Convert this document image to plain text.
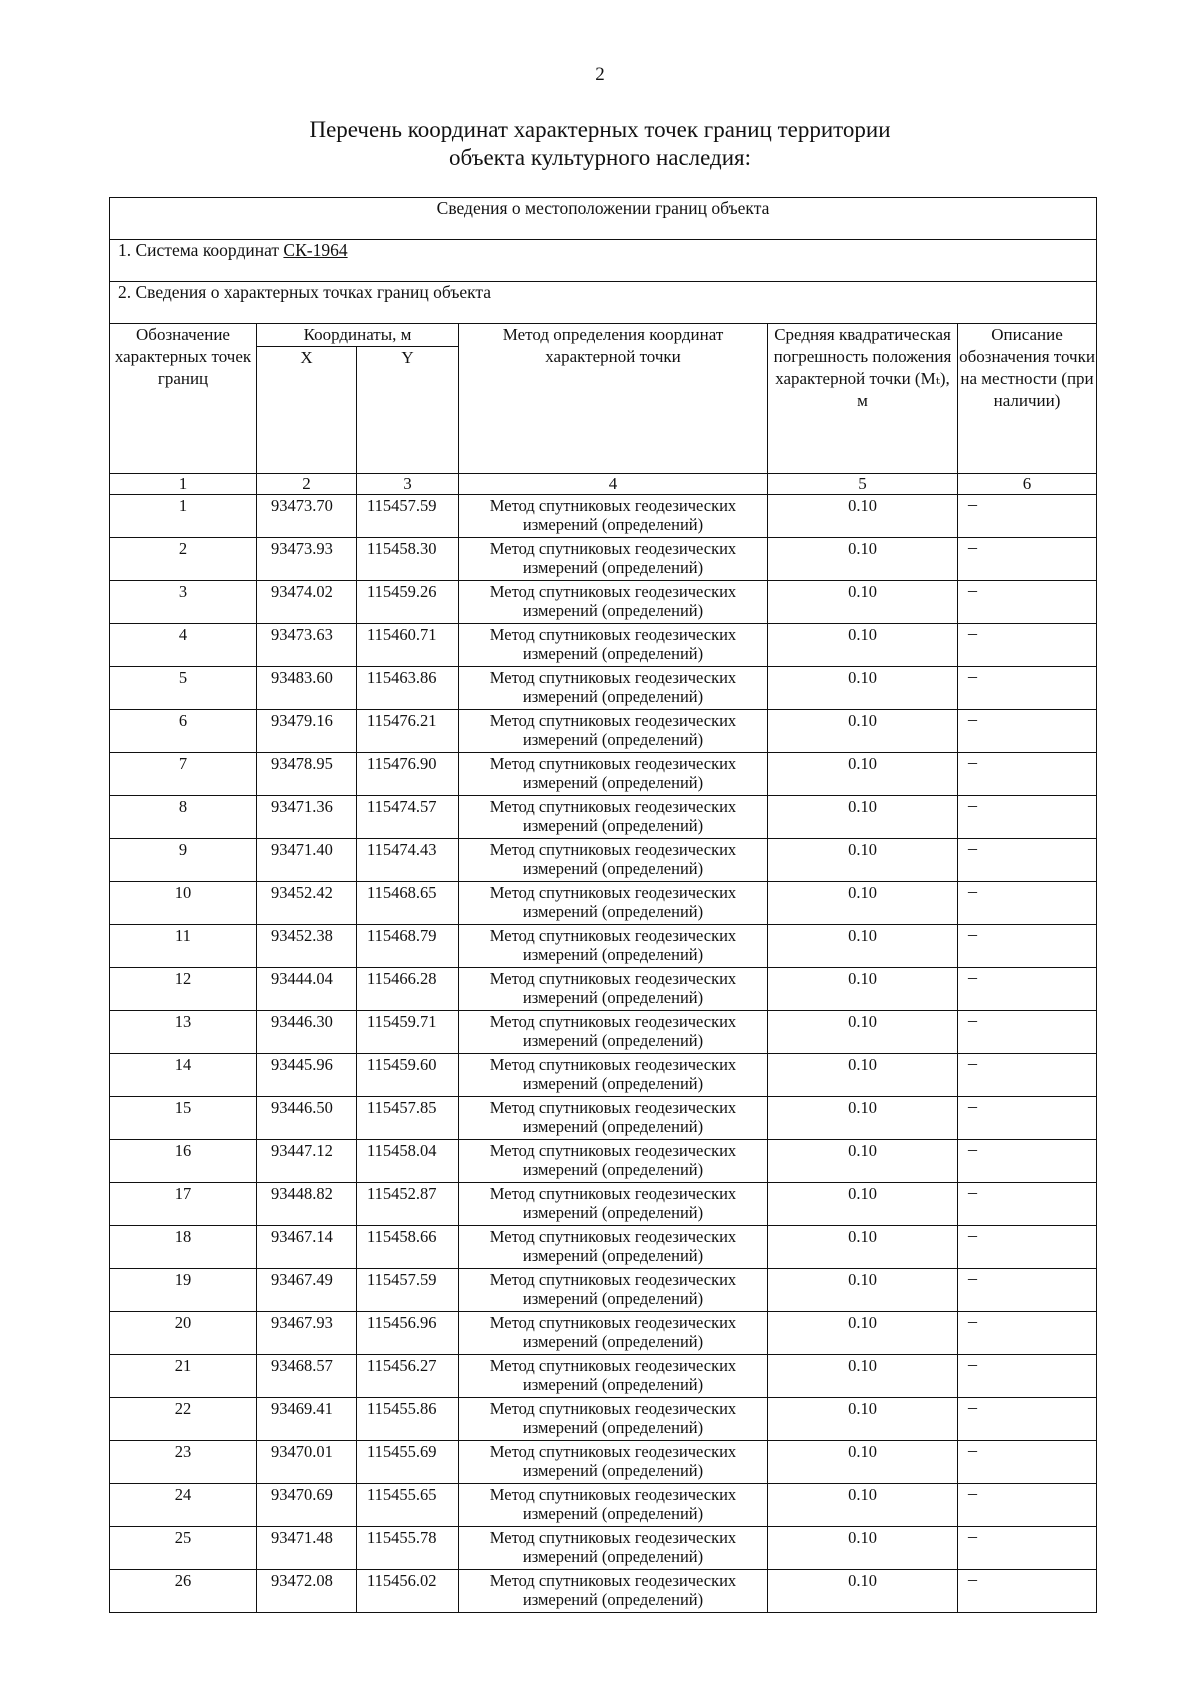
2
Перечень координат характерных точек границ территории
объекта культурного наследия:
Сведения о местоположении границ объекта					
1. Система координат СК-1964					
2. Сведения о характерных точках границ объекта					
Обозначение характерных точек границ	Координаты, м		Метод определения координат характерной точки	Средняя квадратическая погрешность положения характерной точки (Mₜ), м	Описание обозначения точки на местности (при наличии)
	X	Y			
1	2	3	4	5	6
1	93473.70	115457.59	Метод спутниковых геодезических измерений (определений)	0.10	–
2	93473.93	115458.30	Метод спутниковых геодезических измерений (определений)	0.10	–
3	93474.02	115459.26	Метод спутниковых геодезических измерений (определений)	0.10	–
4	93473.63	115460.71	Метод спутниковых геодезических измерений (определений)	0.10	–
5	93483.60	115463.86	Метод спутниковых геодезических измерений (определений)	0.10	–
6	93479.16	115476.21	Метод спутниковых геодезических измерений (определений)	0.10	–
7	93478.95	115476.90	Метод спутниковых геодезических измерений (определений)	0.10	–
8	93471.36	115474.57	Метод спутниковых геодезических измерений (определений)	0.10	–
9	93471.40	115474.43	Метод спутниковых геодезических измерений (определений)	0.10	–
10	93452.42	115468.65	Метод спутниковых геодезических измерений (определений)	0.10	–
11	93452.38	115468.79	Метод спутниковых геодезических измерений (определений)	0.10	–
12	93444.04	115466.28	Метод спутниковых геодезических измерений (определений)	0.10	–
13	93446.30	115459.71	Метод спутниковых геодезических измерений (определений)	0.10	–
14	93445.96	115459.60	Метод спутниковых геодезических измерений (определений)	0.10	–
15	93446.50	115457.85	Метод спутниковых геодезических измерений (определений)	0.10	–
16	93447.12	115458.04	Метод спутниковых геодезических измерений (определений)	0.10	–
17	93448.82	115452.87	Метод спутниковых геодезических измерений (определений)	0.10	–
18	93467.14	115458.66	Метод спутниковых геодезических измерений (определений)	0.10	–
19	93467.49	115457.59	Метод спутниковых геодезических измерений (определений)	0.10	–
20	93467.93	115456.96	Метод спутниковых геодезических измерений (определений)	0.10	–
21	93468.57	115456.27	Метод спутниковых геодезических измерений (определений)	0.10	–
22	93469.41	115455.86	Метод спутниковых геодезических измерений (определений)	0.10	–
23	93470.01	115455.69	Метод спутниковых геодезических измерений (определений)	0.10	–
24	93470.69	115455.65	Метод спутниковых геодезических измерений (определений)	0.10	–
25	93471.48	115455.78	Метод спутниковых геодезических измерений (определений)	0.10	–
26	93472.08	115456.02	Метод спутниковых геодезических измерений (определений)	0.10	–
